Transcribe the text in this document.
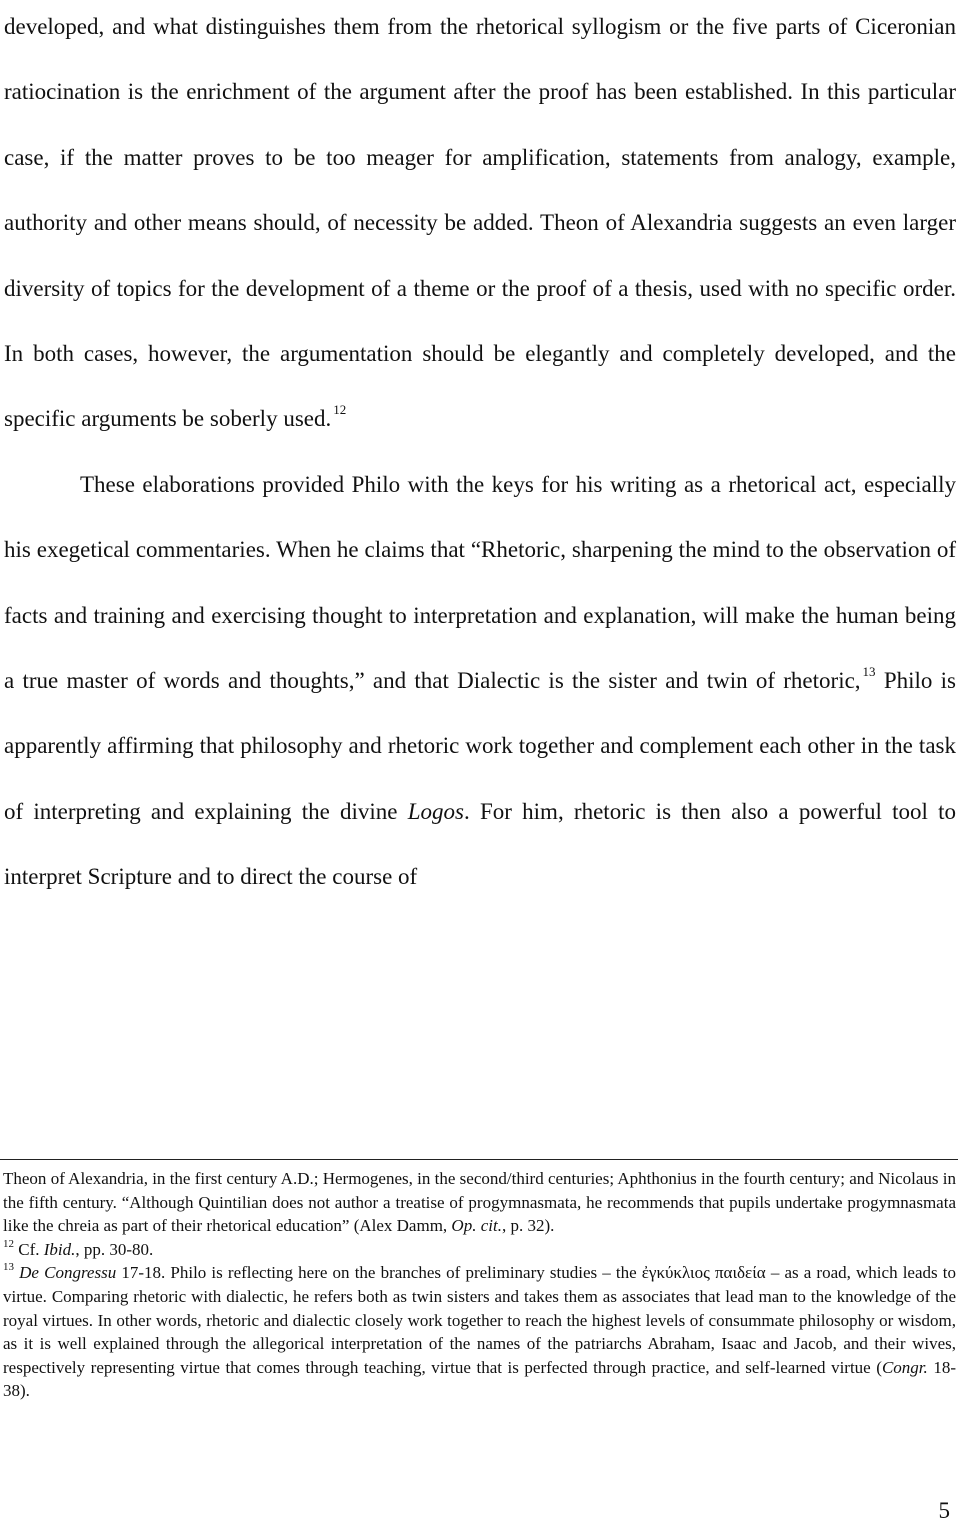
developed, and what distinguishes them from the rhetorical syllogism or the five parts of Ciceronian ratiocination is the enrichment of the argument after the proof has been established. In this particular case, if the matter proves to be too meager for amplification, statements from analogy, example, authority and other means should, of necessity be added. Theon of Alexandria suggests an even larger diversity of topics for the development of a theme or the proof of a thesis, used with no specific order. In both cases, however, the argumentation should be elegantly and completely developed, and the specific arguments be soberly used. $^{12}$

These elaborations provided Philo with the keys for his writing as a rhetorical act, especially his exegetical commentaries. When he claims that “Rhetoric, sharpening the mind to the observation of facts and training and exercising thought to interpretation and explanation, will make the human being a true master of words and thoughts,” and that Dialectic is the sister and twin of rhetoric, $^{13}$ Philo is apparently affirming that philosophy and rhetoric work together and complement each other in the task of interpreting and explaining the divine Logos. For him, rhetoric is then also a powerful tool to interpret Scripture and to direct the course of

Theon of Alexandria, in the first century A.D.; Hermogenes, in the second/third centuries; Aphthonius in the fourth century; and Nicolaus in the fifth century. “Although Quintilian does not author a treatise of progymnasmata, he recommends that pupils undertake progymnasmata like the chreia as part of their rhetorical education” (Alex Damm, Op. cit., p. 32).

$^{12}$ Cf. Ibid., pp. 30-80.

$^{13}$ De Congressu 17-18. Philo is reflecting here on the branches of preliminary studies – the ἐγκύκλιος παιδεία – as a road, which leads to virtue. Comparing rhetoric with dialectic, he refers both as twin sisters and takes them as associates that lead man to the knowledge of the royal virtues. In other words, rhetoric and dialectic closely work together to reach the highest levels of consummate philosophy or wisdom, as it is well explained through the allegorical interpretation of the names of the patriarchs Abraham, Isaac and Jacob, and their wives, respectively representing virtue that comes through teaching, virtue that is perfected through practice, and self-learned virtue (Congr. 18-38).

5
